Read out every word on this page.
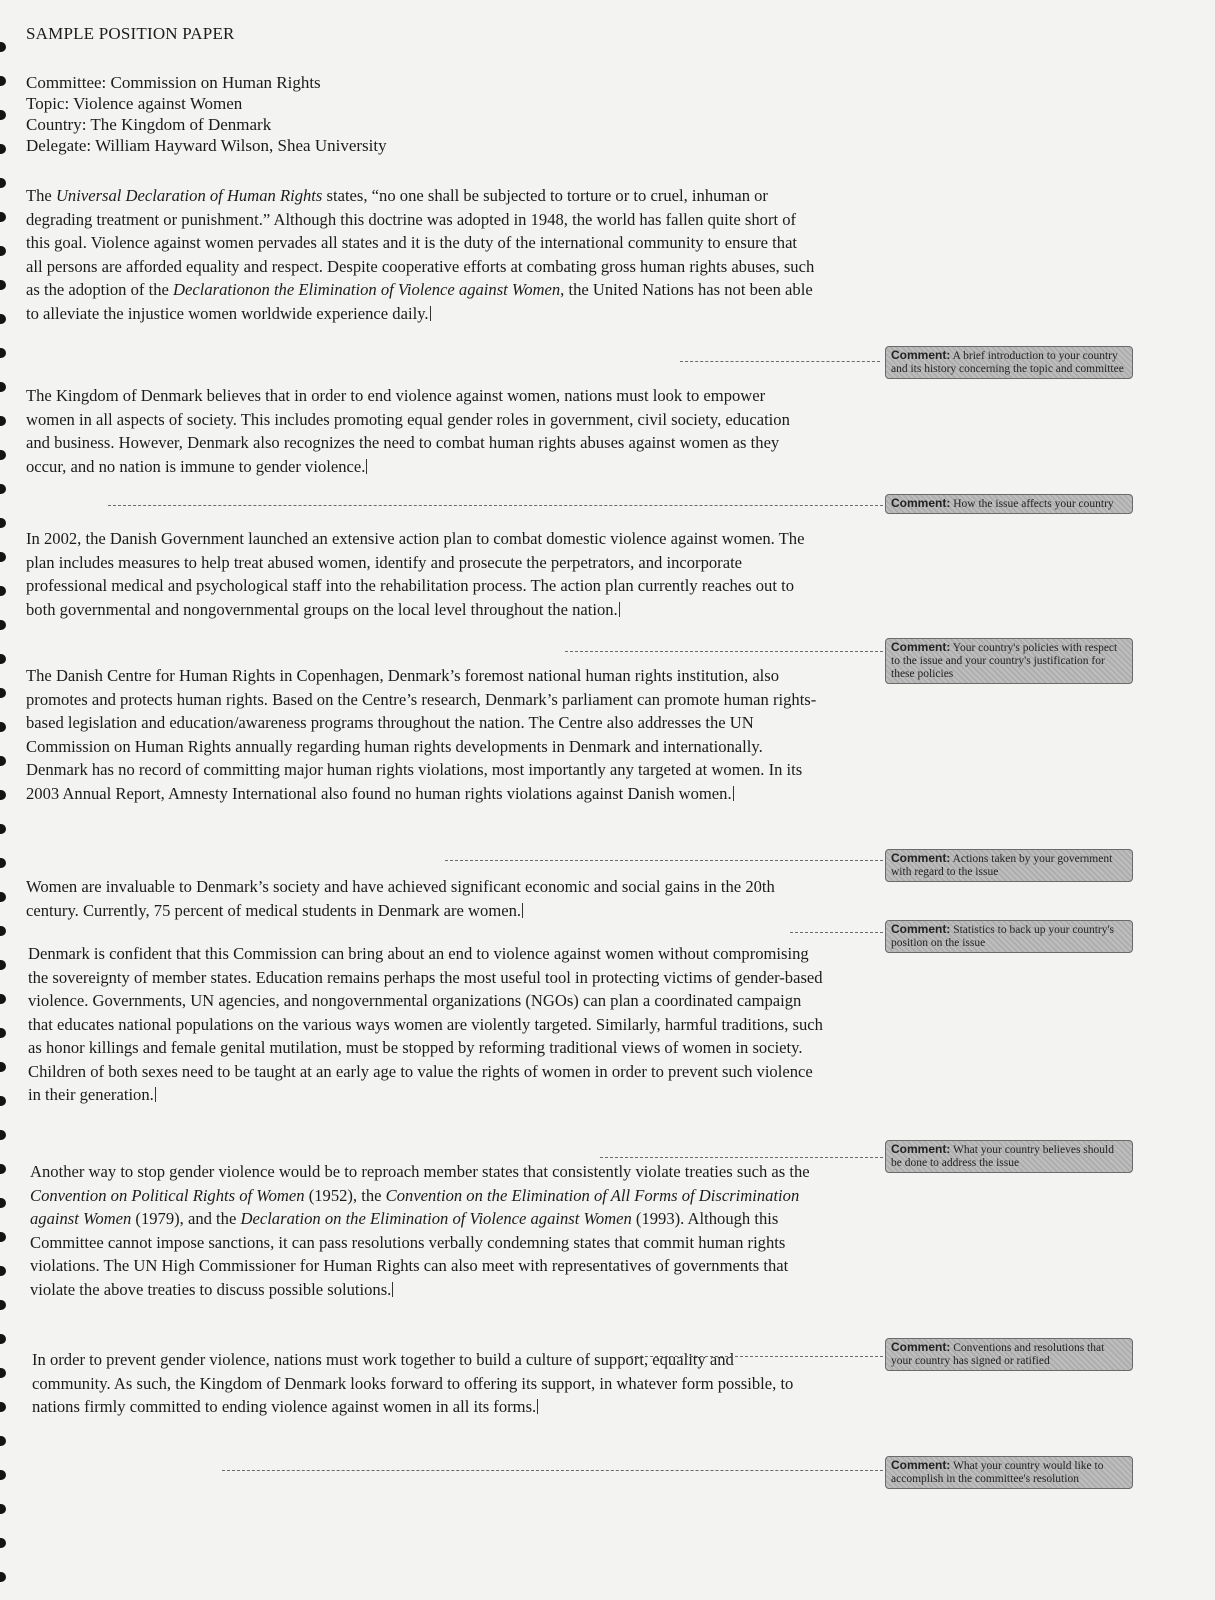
SAMPLE POSITION PAPER
Committee: Commission on Human Rights
Topic: Violence against Women
Country: The Kingdom of Denmark
Delegate: William Hayward Wilson, Shea University
The Universal Declaration of Human Rights states, “no one shall be subjected to torture or to cruel, inhuman or degrading treatment or punishment.” Although this doctrine was adopted in 1948, the world has fallen quite short of this goal. Violence against women pervades all states and it is the duty of the international community to ensure that all persons are afforded equality and respect. Despite cooperative efforts at combating gross human rights abuses, such as the adoption of the Declarationon the Elimination of Violence against Women, the United Nations has not been able to alleviate the injustice women worldwide experience daily.
The Kingdom of Denmark believes that in order to end violence against women, nations must look to empower women in all aspects of society. This includes promoting equal gender roles in government, civil society, education and business. However, Denmark also recognizes the need to combat human rights abuses against women as they occur, and no nation is immune to gender violence.
In 2002, the Danish Government launched an extensive action plan to combat domestic violence against women. The plan includes measures to help treat abused women, identify and prosecute the perpetrators, and incorporate professional medical and psychological staff into the rehabilitation process. The action plan currently reaches out to both governmental and nongovernmental groups on the local level throughout the nation.
The Danish Centre for Human Rights in Copenhagen, Denmark’s foremost national human rights institution, also promotes and protects human rights. Based on the Centre’s research, Denmark’s parliament can promote human rights-based legislation and education/awareness programs throughout the nation. The Centre also addresses the UN Commission on Human Rights annually regarding human rights developments in Denmark and internationally. Denmark has no record of committing major human rights violations, most importantly any targeted at women. In its 2003 Annual Report, Amnesty International also found no human rights violations against Danish women.
Women are invaluable to Denmark’s society and have achieved significant economic and social gains in the 20th century. Currently, 75 percent of medical students in Denmark are women.
Denmark is confident that this Commission can bring about an end to violence against women without compromising the sovereignty of member states. Education remains perhaps the most useful tool in protecting victims of gender-based violence. Governments, UN agencies, and nongovernmental organizations (NGOs) can plan a coordinated campaign that educates national populations on the various ways women are violently targeted. Similarly, harmful traditions, such as honor killings and female genital mutilation, must be stopped by reforming traditional views of women in society. Children of both sexes need to be taught at an early age to value the rights of women in order to prevent such violence in their generation.
Another way to stop gender violence would be to reproach member states that consistently violate treaties such as the Convention on Political Rights of Women (1952), the Convention on the Elimination of All Forms of Discrimination against Women (1979), and the Declaration on the Elimination of Violence against Women (1993). Although this Committee cannot impose sanctions, it can pass resolutions verbally condemning states that commit human rights violations. The UN High Commissioner for Human Rights can also meet with representatives of governments that violate the above treaties to discuss possible solutions.
In order to prevent gender violence, nations must work together to build a culture of support, equality and community. As such, the Kingdom of Denmark looks forward to offering its support, in whatever form possible, to nations firmly committed to ending violence against women in all its forms.
Comment: A brief introduction to your country and its history concerning the topic and committee
Comment: How the issue affects your country
Comment: Your country's policies with respect to the issue and your country's justification for these policies
Comment: Actions taken by your government with regard to the issue
Comment: Statistics to back up your country's position on the issue
Comment: What your country believes should be done to address the issue
Comment: Conventions and resolutions that your country has signed or ratified
Comment: What your country would like to accomplish in the committee's resolution
